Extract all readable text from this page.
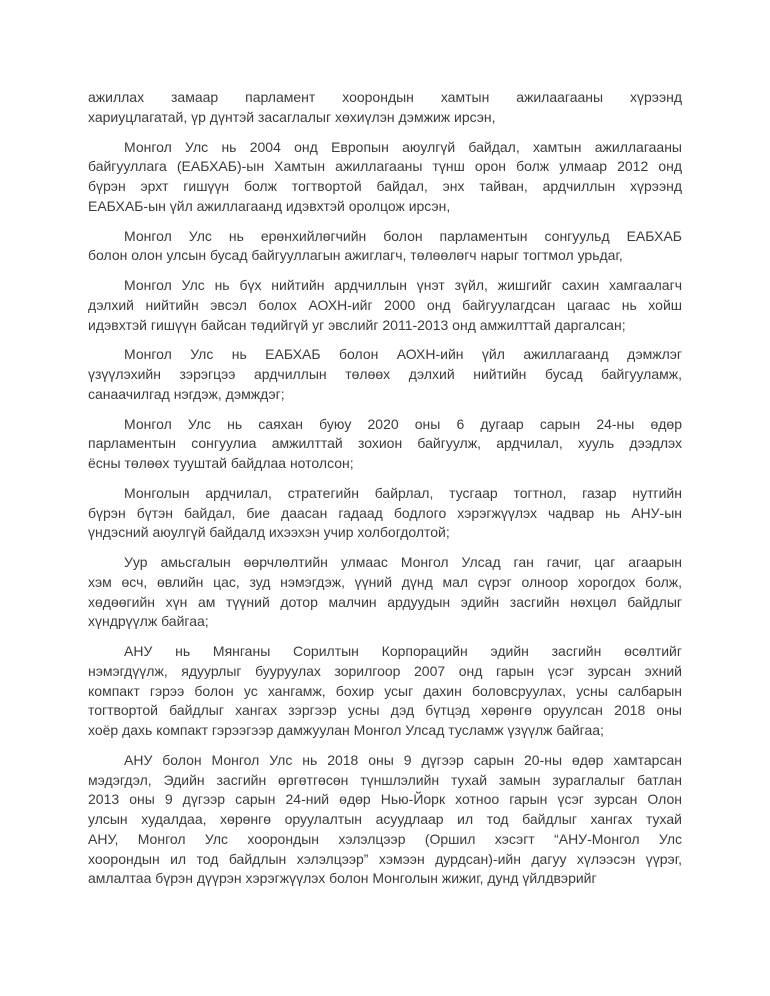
ажиллах замаар парламент хоорондын хамтын ажилаагааны хүрээнд
хариуцлагатай, үр дүнтэй засаглалыг хөхиүлэн дэмжиж ирсэн,

Монгол Улс нь 2004 онд Европын аюулгүй байдал, хамтын ажиллагааны
байгууллага (ЕАБХАБ)-ын Хамтын ажиллагааны түнш орон болж улмаар 2012 онд
бүрэн эрхт гишүүн болж тогтвортой байдал, энх тайван, ардчиллын хүрээнд
ЕАБХАБ-ын үйл ажиллагаанд идэвхтэй оролцож ирсэн,

Монгол Улс нь ерөнхийлөгчийн болон парламентын сонгуульд ЕАБХАБ
болон олон улсын бусад байгууллагын ажиглагч, төлөөлөгч нарыг тогтмол урьдаг,

Монгол Улс нь бүх нийтийн ардчиллын үнэт зүйл, жишгийг сахин хамгаалагч
дэлхий нийтийн эвсэл болох АОХН-ийг 2000 онд байгуулагдсан цагаас нь хойш
идэвхтэй гишүүн байсан төдийгүй уг эвслийг 2011-2013 онд амжилттай даргалсан;

Монгол Улс нь ЕАБХАБ болон АОХН-ийн үйл ажиллагаанд дэмжлэг
үзүүлэхийн зэрэгцээ ардчиллын төлөөх дэлхий нийтийн бусад байгууламж,
санаачилгад нэгдэж, дэмждэг;

Монгол Улс нь саяхан буюу 2020 оны 6 дугаар сарын 24-ны өдөр
парламентын сонгуулиа амжилттай зохион байгуулж, ардчилал, хууль дээдлэх
ёсны төлөөх тууштай байдлаа нотолсон;

Монголын ардчилал, стратегийн байрлал, тусгаар тогтнол, газар нутгийн
бүрэн бүтэн байдал, бие даасан гадаад бодлого хэрэгжүүлэх чадвар нь АНУ-ын
үндэсний аюулгүй байдалд ихээхэн учир холбогдолтой;

Уур амьсгалын өөрчлөлтийн улмаас Монгол Улсад ган гачиг, цаг агаарын
хэм өсч, өвлийн цас, зуд нэмэгдэж, үүний дүнд мал сүрэг олноор хорогдох болж,
хөдөөгийн хүн ам түүний дотор малчин ардуудын эдийн засгийн нөхцөл байдлыг
хүндрүүлж байгаа;

АНУ нь Мянганы Сорилтын Корпорацийн эдийн засгийн өсөлтийг
нэмэгдүүлж, ядуурлыг бууруулах зорилгоор 2007 онд гарын үсэг зурсан эхний
компакт гэрээ болон ус хангамж, бохир усыг дахин боловсруулах, усны салбарын
тогтвортой байдлыг хангах зэргээр усны дэд бүтцэд хөрөнгө оруулсан 2018 оны
хоёр дахь компакт гэрээгээр дамжуулан Монгол Улсад тусламж үзүүлж байгаа;

АНУ болон Монгол Улс нь 2018 оны 9 дүгээр сарын 20-ны өдөр хамтарсан
мэдэгдэл, Эдийн засгийн өргөтгөсөн түншлэлийн тухай замын зураглалыг батлан
2013 оны 9 дүгээр сарын 24-ний өдөр Нью-Йорк хотноо гарын үсэг зурсан Олон
улсын худалдаа, хөрөнгө оруулалтын асуудлаар ил тод байдлыг хангах тухай
АНУ, Монгол Улс хоорондын хэлэлцээр (Оршил хэсэгт “АНУ-Монгол Улс
хоорондын ил тод байдлын хэлэлцээр” хэмээн дурдсан)-ийн дагуу хүлээсэн үүрэг,
амлалтаа бүрэн дүүрэн хэрэгжүүлэх болон Монголын жижиг, дунд үйлдвэрийг
